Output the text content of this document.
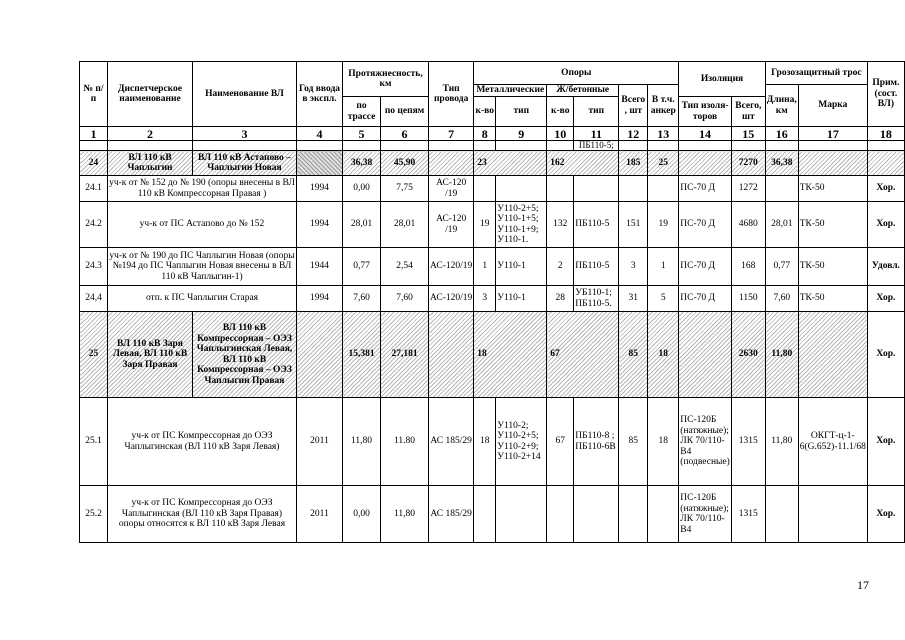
№ п/п	Диспетчерское наименование	Наименование ВЛ	Год ввода в экспл.	Протяжнесность, км		Тип провода	Опоры						Изоляция		Грозозащитный трос		Прим. (сост. ВЛ)
							Металлические		Ж/бетонные		Всего , шт	В т.ч. анкер			Длина, км	Марка	
				по трассе	по цепям		к-во	тип	к-во	тип			Тип изоля-торов	Всего, шт			
1	2	3	4	5	6	7	8	9	10	11	12	13	14	15	16	17	18
										ПБ110-5;							
24	ВЛ 110 кВ Чаплыгин	ВЛ 110 кВ Астапово – Чаплыгин Новая		36,38	45,90		23		162		185	25		7270	36,38		
24.1	уч-к от № 152 до № 190 (опоры внесены в ВЛ 110 кВ Компрессорная Правая )		1994	0,00	7,75	АС-120 /19							ПС-70 Д	1272		ТК-50	Хор.
24.2	уч-к от ПС Астапово до № 152		1994	28,01	28,01	АС-120 /19	19	У110-2+5; У110-1+5; У110-1+9; У110-1.	132	ПБ110-5	151	19	ПС-70 Д	4680	28,01	ТК-50	Хор.
24.3	уч-к от № 190 до ПС Чаплыгин Новая (опоры №194 до ПС Чаплыгин Новая внесены в ВЛ 110 кВ Чаплыгин-1)		1944	0,77	2,54	АС-120/19	1	У110-1	2	ПБ110-5	3	1	ПС-70 Д	168	0,77	ТК-50	Удовл.
24,4	отп. к ПС Чаплыгин Старая		1994	7,60	7,60	АС-120/19	3	У110-1	28	УБ110-1; ПБ110-5.	31	5	ПС-70 Д	1150	7,60	ТК-50	Хор.
25	ВЛ 110 кВ Заря Левая, ВЛ 110 кВ Заря Правая	ВЛ 110 кВ Компрессорная – ОЭЗ Чаплыгинская Левая, ВЛ 110 кВ Компрессорная – ОЭЗ Чаплыгин Правая		15,381	27,181		18		67		85	18		2630	11,80		Хор.
25.1	уч-к от ПС Компрессорная до ОЭЗ Чаплыгинская (ВЛ 110 кВ Заря Левая)		2011	11,80	11.80	АС 185/29	18	У110-2; У110-2+5; У110-2+9; У110-2+14	67	ПБ110-8 ; ПБ110-6В	85	18	ПС-120Б (натяжные); ЛК 70/110-В4 (подвесные)	1315	11,80	ОКГТ-ц-1-6(G.652)-11.1/68	Хор.
25.2	уч-к от ПС Компрессорная до ОЭЗ Чаплыгинская (ВЛ 110 кВ Заря Правая) опоры относятся к ВЛ 110 кВ Заря Левая		2011	0,00	11,80	АС 185/29							ПС-120Б (натяжные); ЛК 70/110-В4	1315			Хор.
17
